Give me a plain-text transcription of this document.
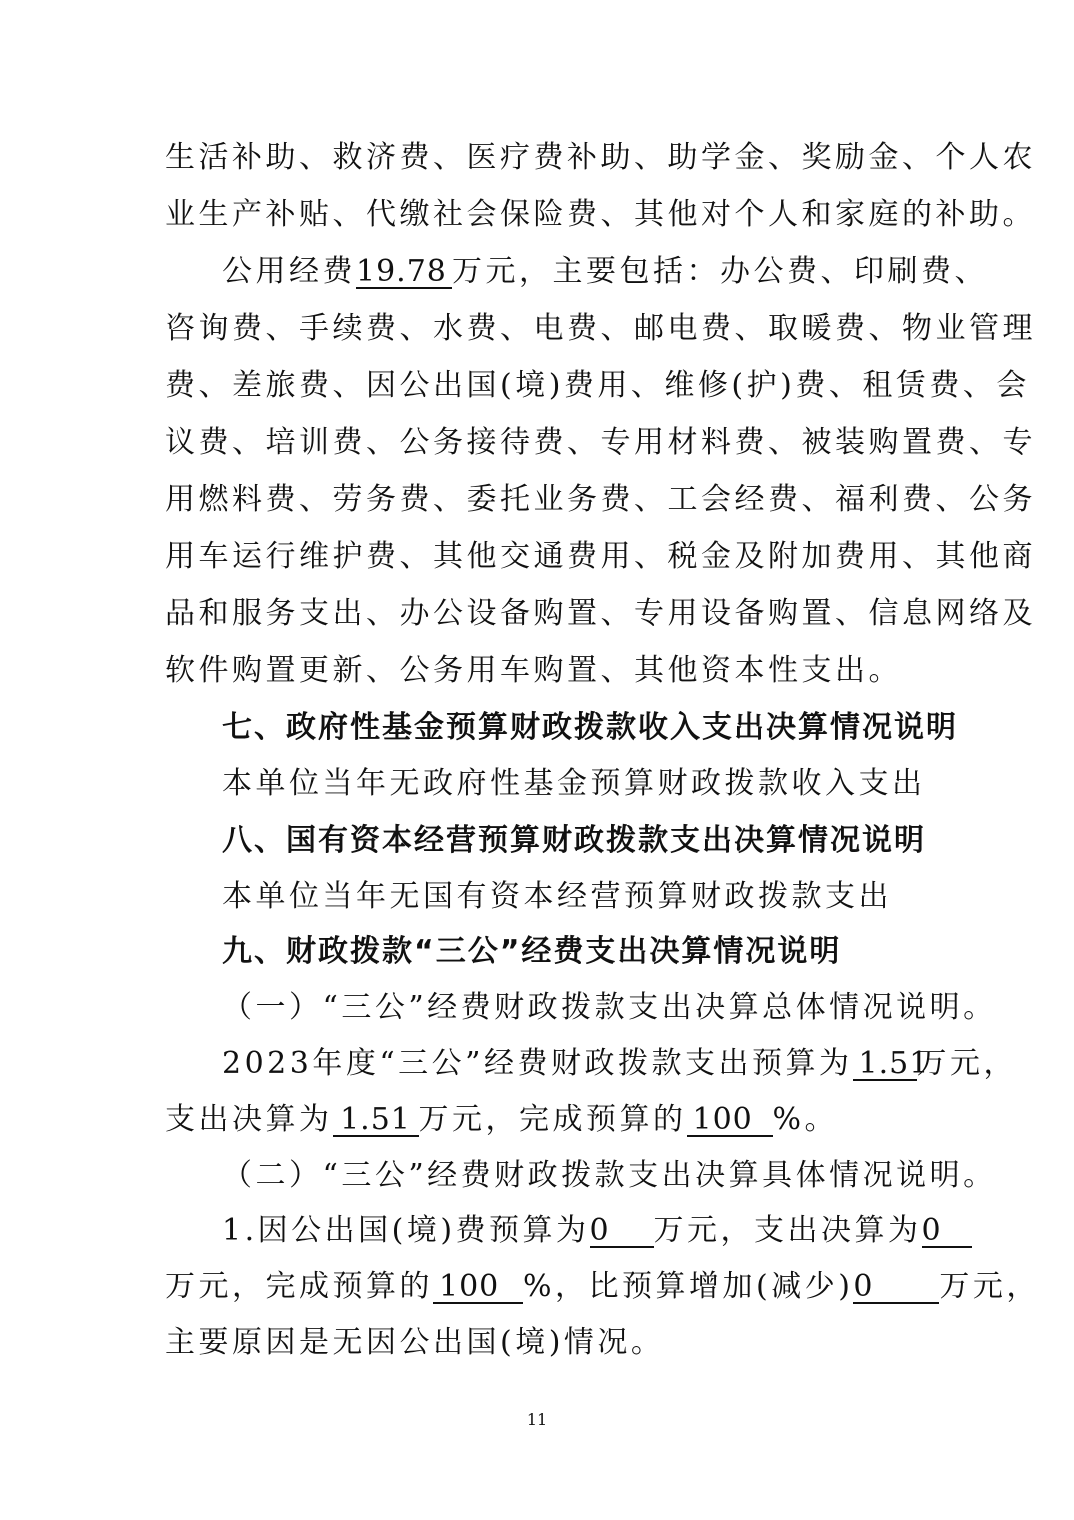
生活补助、救济费、医疗费补助、助学金、奖励金、个人农
业生产补贴、代缴社会保险费、其他对个人和家庭的补助。
公用经费19.78 万元，主要包括：办公费、印刷费、
咨询费、手续费、水费、电费、邮电费、取暖费、物业管理
费、差旅费、因公出国(境)费用、维修(护)费、租赁费、会
议费、培训费、公务接待费、专用材料费、被装购置费、专
用燃料费、劳务费、委托业务费、工会经费、福利费、公务
用车运行维护费、其他交通费用、税金及附加费用、其他商
品和服务支出、办公设备购置、专用设备购置、信息网络及
软件购置更新、公务用车购置、其他资本性支出。
七、政府性基金预算财政拨款收入支出决算情况说明
本单位当年无政府性基金预算财政拨款收入支出
八、国有资本经营预算财政拨款支出决算情况说明
本单位当年无国有资本经营预算财政拨款支出
九、财政拨款“三公”经费支出决算情况说明
（一）“三公”经费财政拨款支出决算总体情况说明。
2023年度“三公”经费财政拨款支出预算为 1.51万元，
支出决算为 1.51 万元，完成预算的 100 %。
（二）“三公”经费财政拨款支出决算具体情况说明。
1.因公出国(境)费预算为0 万元，支出决算为0
万元，完成预算的 100 %，比预算增加(减少)0 万元，
主要原因是无因公出国(境)情况。
11
